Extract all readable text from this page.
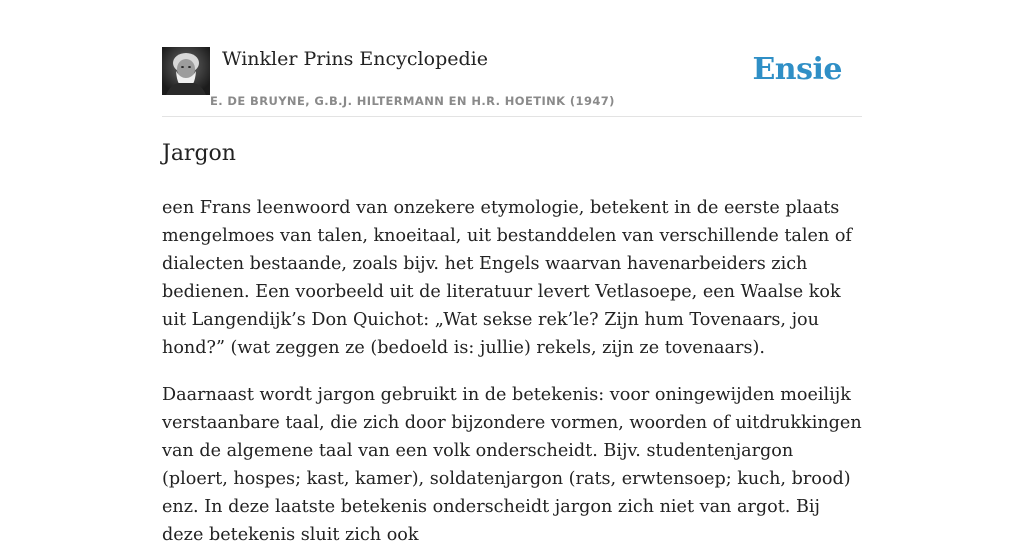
Winkler Prins Encyclopedie
E. DE BRUYNE, G.B.J. HILTERMANN EN H.R. HOETINK (1947)
Ensie
Jargon

een Frans leenwoord van onzekere etymologie, betekent in de eerste plaats mengelmoes van talen, knoeitaal, uit bestanddelen van verschillende talen of dialecten bestaande, zoals bijv. het Engels waarvan havenarbeiders zich bedienen. Een voorbeeld uit de literatuur levert Vetlasoepe, een Waalse kok uit Langendijk’s Don Quichot: „Wat sekse rek’le? Zijn hum Tovenaars, jou hond?” (wat zeggen ze (bedoeld is: jullie) rekels, zijn ze tovenaars).

Daarnaast wordt jargon gebruikt in de betekenis: voor oningewijden moeilijk verstaanbare taal, die zich door bijzondere vormen, woorden of uitdrukkingen van de algemene taal van een volk onderscheidt. Bijv. studentenjargon (ploert, hospes; kast, kamer), soldatenjargon (rats, erwtensoep; kuch, brood) enz. In deze laatste betekenis onderscheidt jargon zich niet van argot. Bij deze betekenis sluit zich ook
